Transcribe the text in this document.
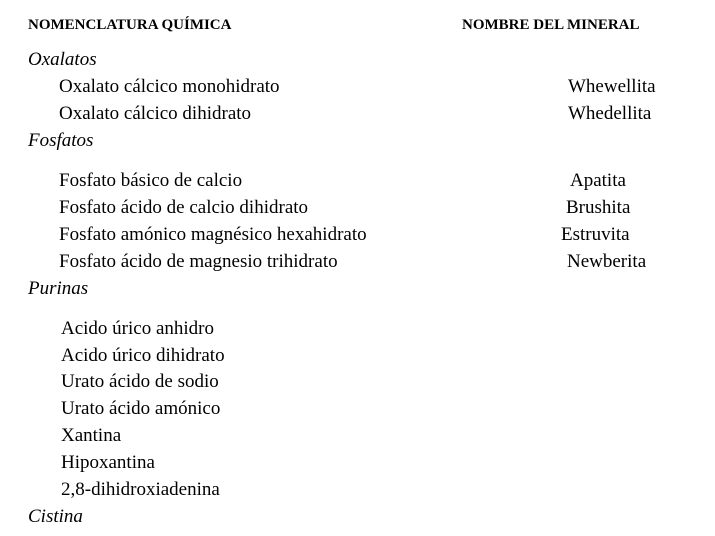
NOMENCLATURA QUÍMICA	NOMBRE DEL MINERAL
Oxalatos
Oxalato cálcico monohidrato	Whewellita
Oxalato cálcico dihidrato	Whedellita
Fosfatos
Fosfato básico de calcio	Apatita
Fosfato ácido de calcio dihidrato	Brushita
Fosfato amónico magnésico hexahidrato	Estruvita
Fosfato ácido de magnesio trihidrato	Newberita
Purinas
Acido úrico anhidro
Acido úrico dihidrato
Urato ácido de sodio
Urato ácido amónico
Xantina
Hipoxantina
2,8-dihidroxiadenina
Cistina
